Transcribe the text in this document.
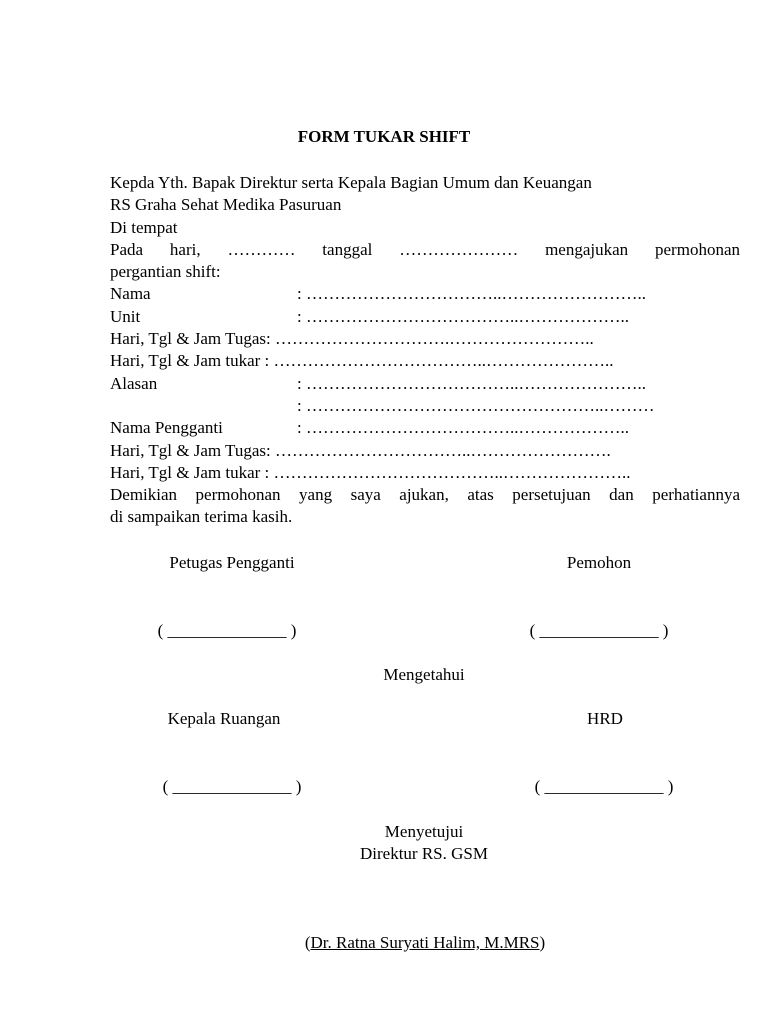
FORM TUKAR SHIFT
Kepda Yth. Bapak Direktur serta Kepala Bagian Umum dan Keuangan
RS Graha Sehat Medika Pasuruan
Di tempat
Pada hari, ………… tanggal ………………… mengajukan permohonan
pergantian shift:
Nama	: ……………………………..……………………..
Unit	: ………………………………..………………..
Hari, Tgl & Jam Tugas: ………………………….……………………..
Hari, Tgl & Jam tukar : ………………………………..…………………..
Alasan	: ………………………………..…………………..
: ……………………………………………..………
Nama Pengganti	: ………………………………..………………..
Hari, Tgl & Jam Tugas: ……………………………..…………………….
Hari, Tgl & Jam tukar : …………………………………..…………………..
Demikian permohonan yang saya ajukan, atas persetujuan dan perhatiannya
di sampaikan terima kasih.
Petugas Pengganti	Pemohon
( ______________ )	( ______________ )
Mengetahui
Kepala Ruangan	HRD
( ______________ )	( ______________ )
Menyetujui
Direktur RS. GSM
(Dr. Ratna Suryati Halim, M.MRS)
